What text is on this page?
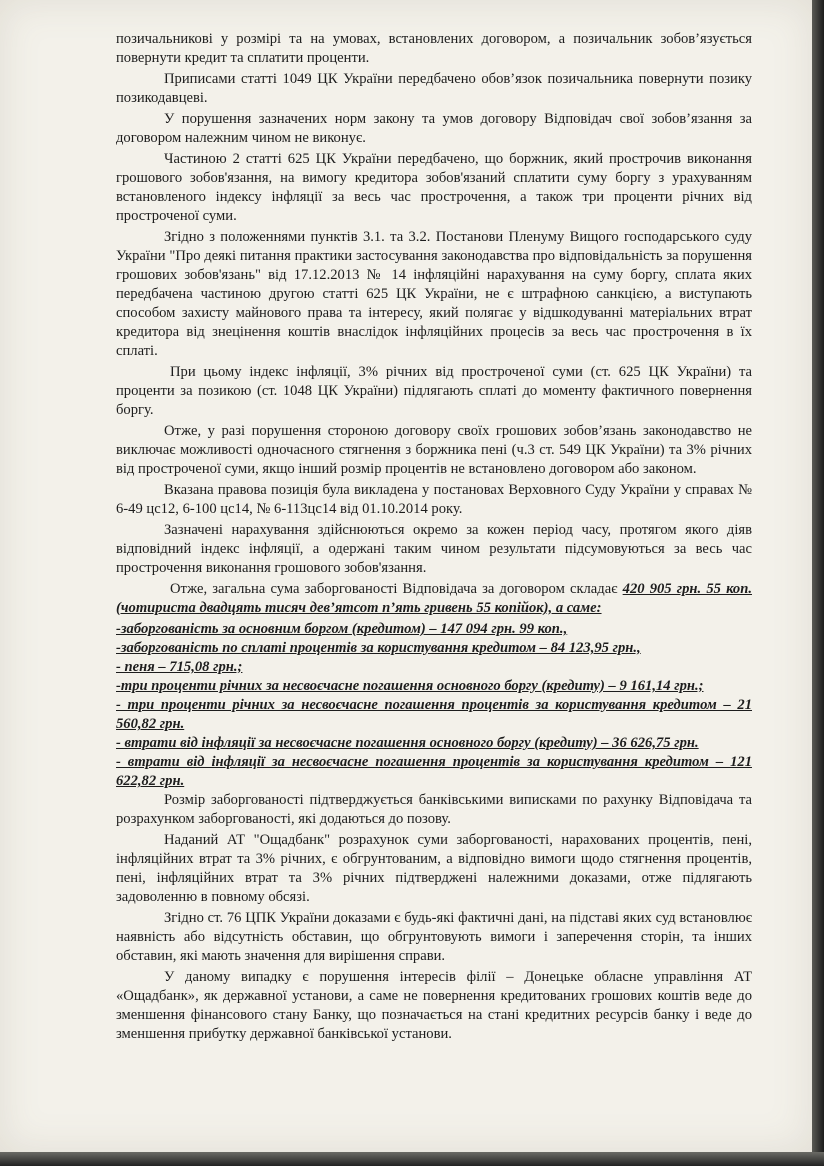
позичальникові у розмірі та на умовах, встановлених договором, а позичальник зобов’язується повернути кредит та сплатити проценти.

Приписами статті 1049 ЦК України передбачено обов’язок позичальника повернути позику позикодавцеві.

У порушення зазначених норм закону та умов договору Відповідач свої зобов’язання за договором належним чином не виконує.

Частиною 2 статті 625 ЦК України передбачено, що боржник, який прострочив виконання грошового зобов'язання, на вимогу кредитора зобов'язаний сплатити суму боргу з урахуванням встановленого індексу інфляції за весь час прострочення, а також три проценти річних від простроченої суми.

Згідно з положеннями пунктів 3.1. та 3.2. Постанови Пленуму Вищого господарського суду України "Про деякі питання практики застосування законодавства про відповідальність за порушення грошових зобов'язань" від 17.12.2013 № 14 інфляційні нарахування на суму боргу, сплата яких передбачена частиною другою статті 625 ЦК України, не є штрафною санкцією, а виступають способом захисту майнового права та інтересу, який полягає у відшкодуванні матеріальних втрат кредитора від знецінення коштів внаслідок інфляційних процесів за весь час прострочення в їх сплаті.

При цьому індекс інфляції, 3% річних від простроченої суми (ст. 625 ЦК України) та проценти за позикою (ст. 1048 ЦК України) підлягають сплаті до моменту фактичного повернення боргу.

Отже, у разі порушення стороною договору своїх грошових зобов’язань законодавство не виключає можливості одночасного стягнення з боржника пені (ч.3 ст. 549 ЦК України) та 3% річних від простроченої суми, якщо інший розмір процентів не встановлено договором або законом.

Вказана правова позиція була викладена у постановах Верховного Суду України у справах № 6-49 цс12, 6-100 цс14, № 6-113цс14 від 01.10.2014 року.

Зазначені нарахування здійснюються окремо за кожен період часу, протягом якого діяв відповідний індекс інфляції, а одержані таким чином результати підсумовуються за весь час прострочення виконання грошового зобов'язання.

Отже, загальна сума заборгованості Відповідача за договором складає 420 905 грн. 55 коп. (чотириста двадцять тисяч дев’ятсот п’ять гривень 55 копійок), а саме:

-заборгованість за основним боргом (кредитом) – 147 094 грн. 99 коп.,

-заборгованість по сплаті процентів за користування кредитом – 84 123,95 грн.,

- пеня – 715,08 грн.;

-три проценти річних за несвоєчасне погашення основного боргу (кредиту) – 9 161,14 грн.;

- три проценти річних за несвоєчасне погашення процентів за користування кредитом – 21 560,82 грн.

- втрати від інфляції за несвоєчасне погашення основного боргу (кредиту) – 36 626,75 грн.

- втрати від інфляції за несвоєчасне погашення процентів за користування кредитом – 121 622,82 грн.

Розмір заборгованості підтверджується банківськими виписками по рахунку Відповідача та розрахунком заборгованості, які додаються до позову.

Наданий АТ "Ощадбанк" розрахунок суми заборгованості, нарахованих процентів, пені, інфляційних втрат та 3% річних, є обгрунтованим, а відповідно вимоги щодо стягнення процентів, пені, інфляційних втрат та 3% річних підтверджені належними доказами, отже підлягають задоволенню в повному обсязі.

Згідно ст. 76 ЦПК України доказами є будь-які фактичні дані, на підставі яких суд встановлює наявність або відсутність обставин, що обгрунтовують вимоги і заперечення сторін, та інших обставин, які мають значення для вирішення справи.

У даному випадку є порушення інтересів філії – Донецьке обласне управління АТ «Ощадбанк», як державної установи, а саме не повернення кредитованих грошових коштів веде до зменшення фінансового стану Банку, що позначається на стані кредитних ресурсів банку і веде до зменшення прибутку державної банківської установи.
